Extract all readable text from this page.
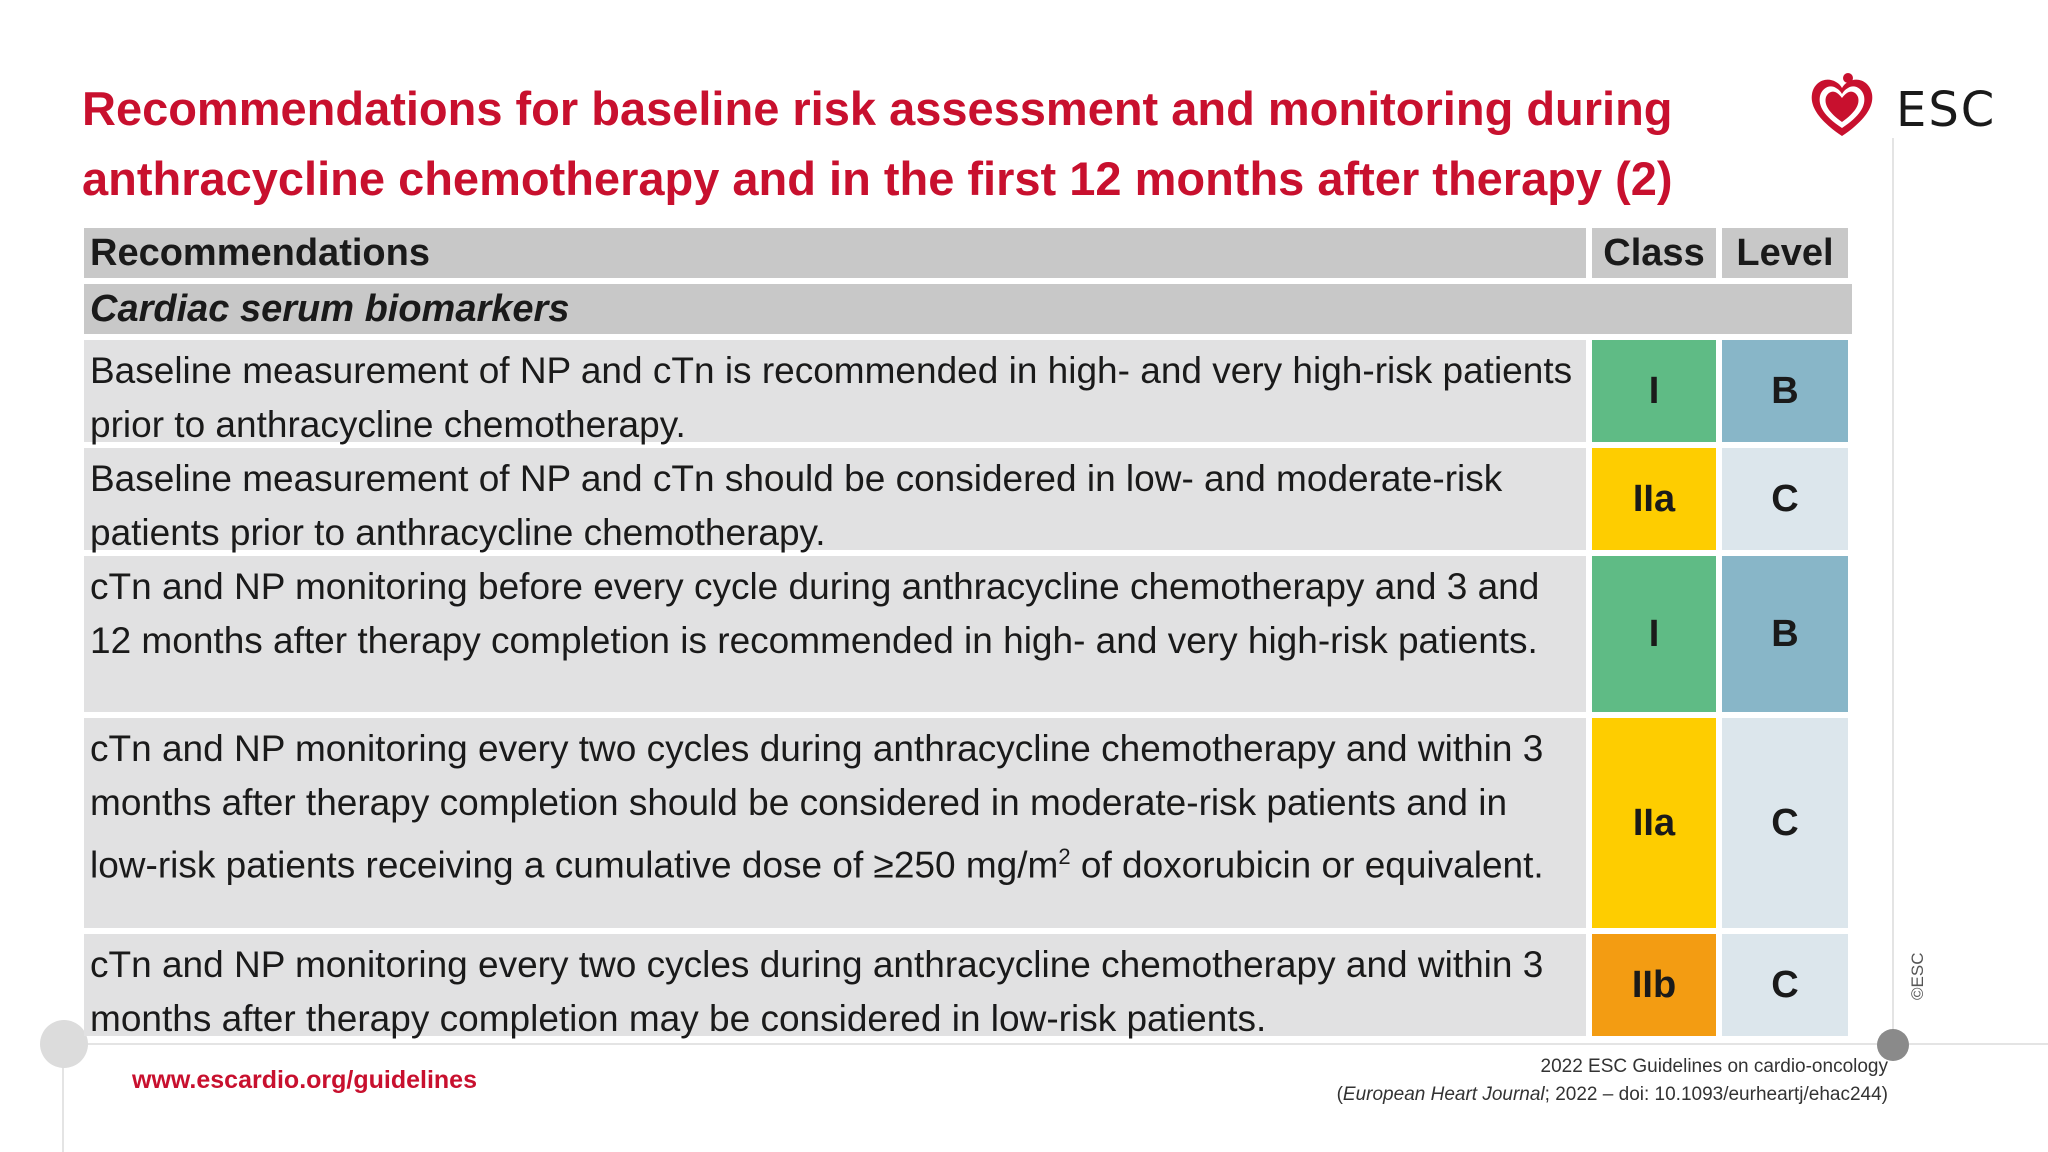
Recommendations for baseline risk assessment and monitoring during anthracycline chemotherapy and in the first 12 months after therapy (2)
ESC
Recommendations	Class Level
Cardiac serum biomarkers
Baseline measurement of NP and cTn is recommended in high- and very high-risk patients prior to anthracycline chemotherapy.
I	B
Baseline measurement of NP and cTn should be considered in low- and moderate-risk patients prior to anthracycline chemotherapy.
IIa	C
cTn and NP monitoring before every cycle during anthracycline chemotherapy and 3 and 12 months after therapy completion is recommended in high- and very high-risk patients.	I	B
cTn and NP monitoring every two cycles during anthracycline chemotherapy and within 3 months after therapy completion should be considered in moderate-risk patients and in low-risk patients receiving a cumulative dose of ≥250 $mg/m^2$ of doxorubicin or equivalent.
IIa	C
cTn and NP monitoring every two cycles during anthracycline chemotherapy and within 3 months after therapy completion may be considered in low-risk patients.
IIb	C
www.escardio.org/guidelines	2022 ESC Guidelines on cardio-oncology
(European Heart Journal; 2022 – doi: 10.1093/eurheartj/ehac244)
©ESC
